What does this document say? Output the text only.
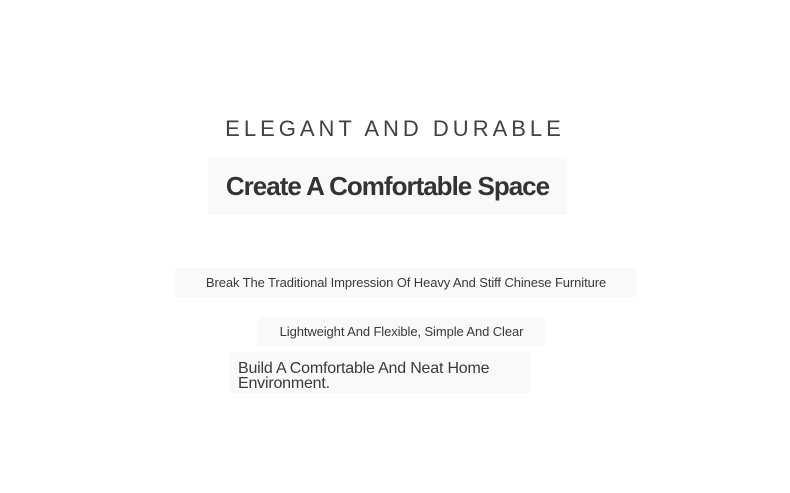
ELEGANT AND DURABLE
Create A Comfortable Space
Break The Traditional Impression Of Heavy And Stiff Chinese Furniture
Lightweight And Flexible, Simple And Clear

Build A Comfortable And Neat Home Environment.
